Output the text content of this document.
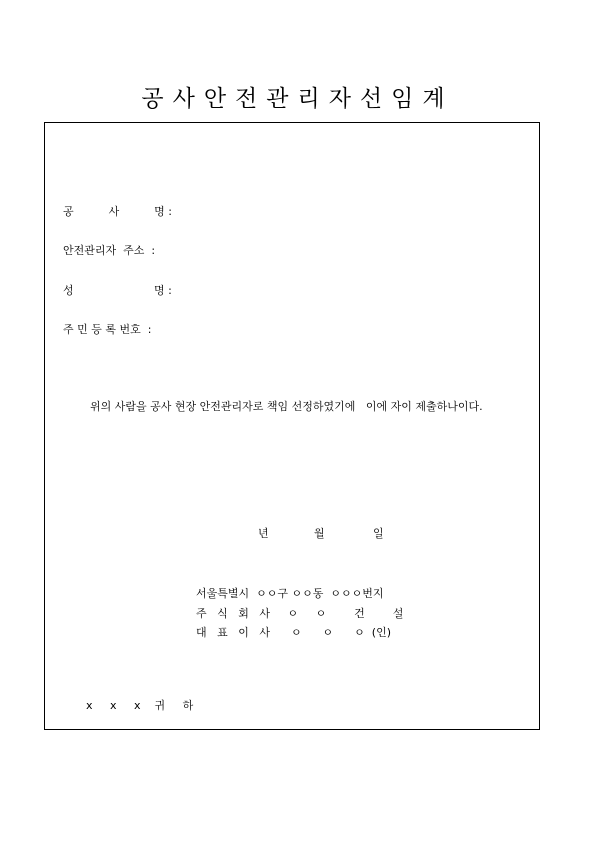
공사안전관리자선임계
공          사          명 :
안전관리자  주소  :
성                       명 :
주 민 등 록 번호  :
위의 사람을 공사 현장 안전관리자로 책임 선정하였기에   이에 자이 제출하나이다.
년	월	일
서울특별시  ㅇㅇ구 ㅇㅇ동  ㅇㅇㅇ번지
주   식   회   사     ㅇ     ㅇ        건        설
대   표   이   사      ㅇ      ㅇ      ㅇ  (인)
x     x     x    귀     하
